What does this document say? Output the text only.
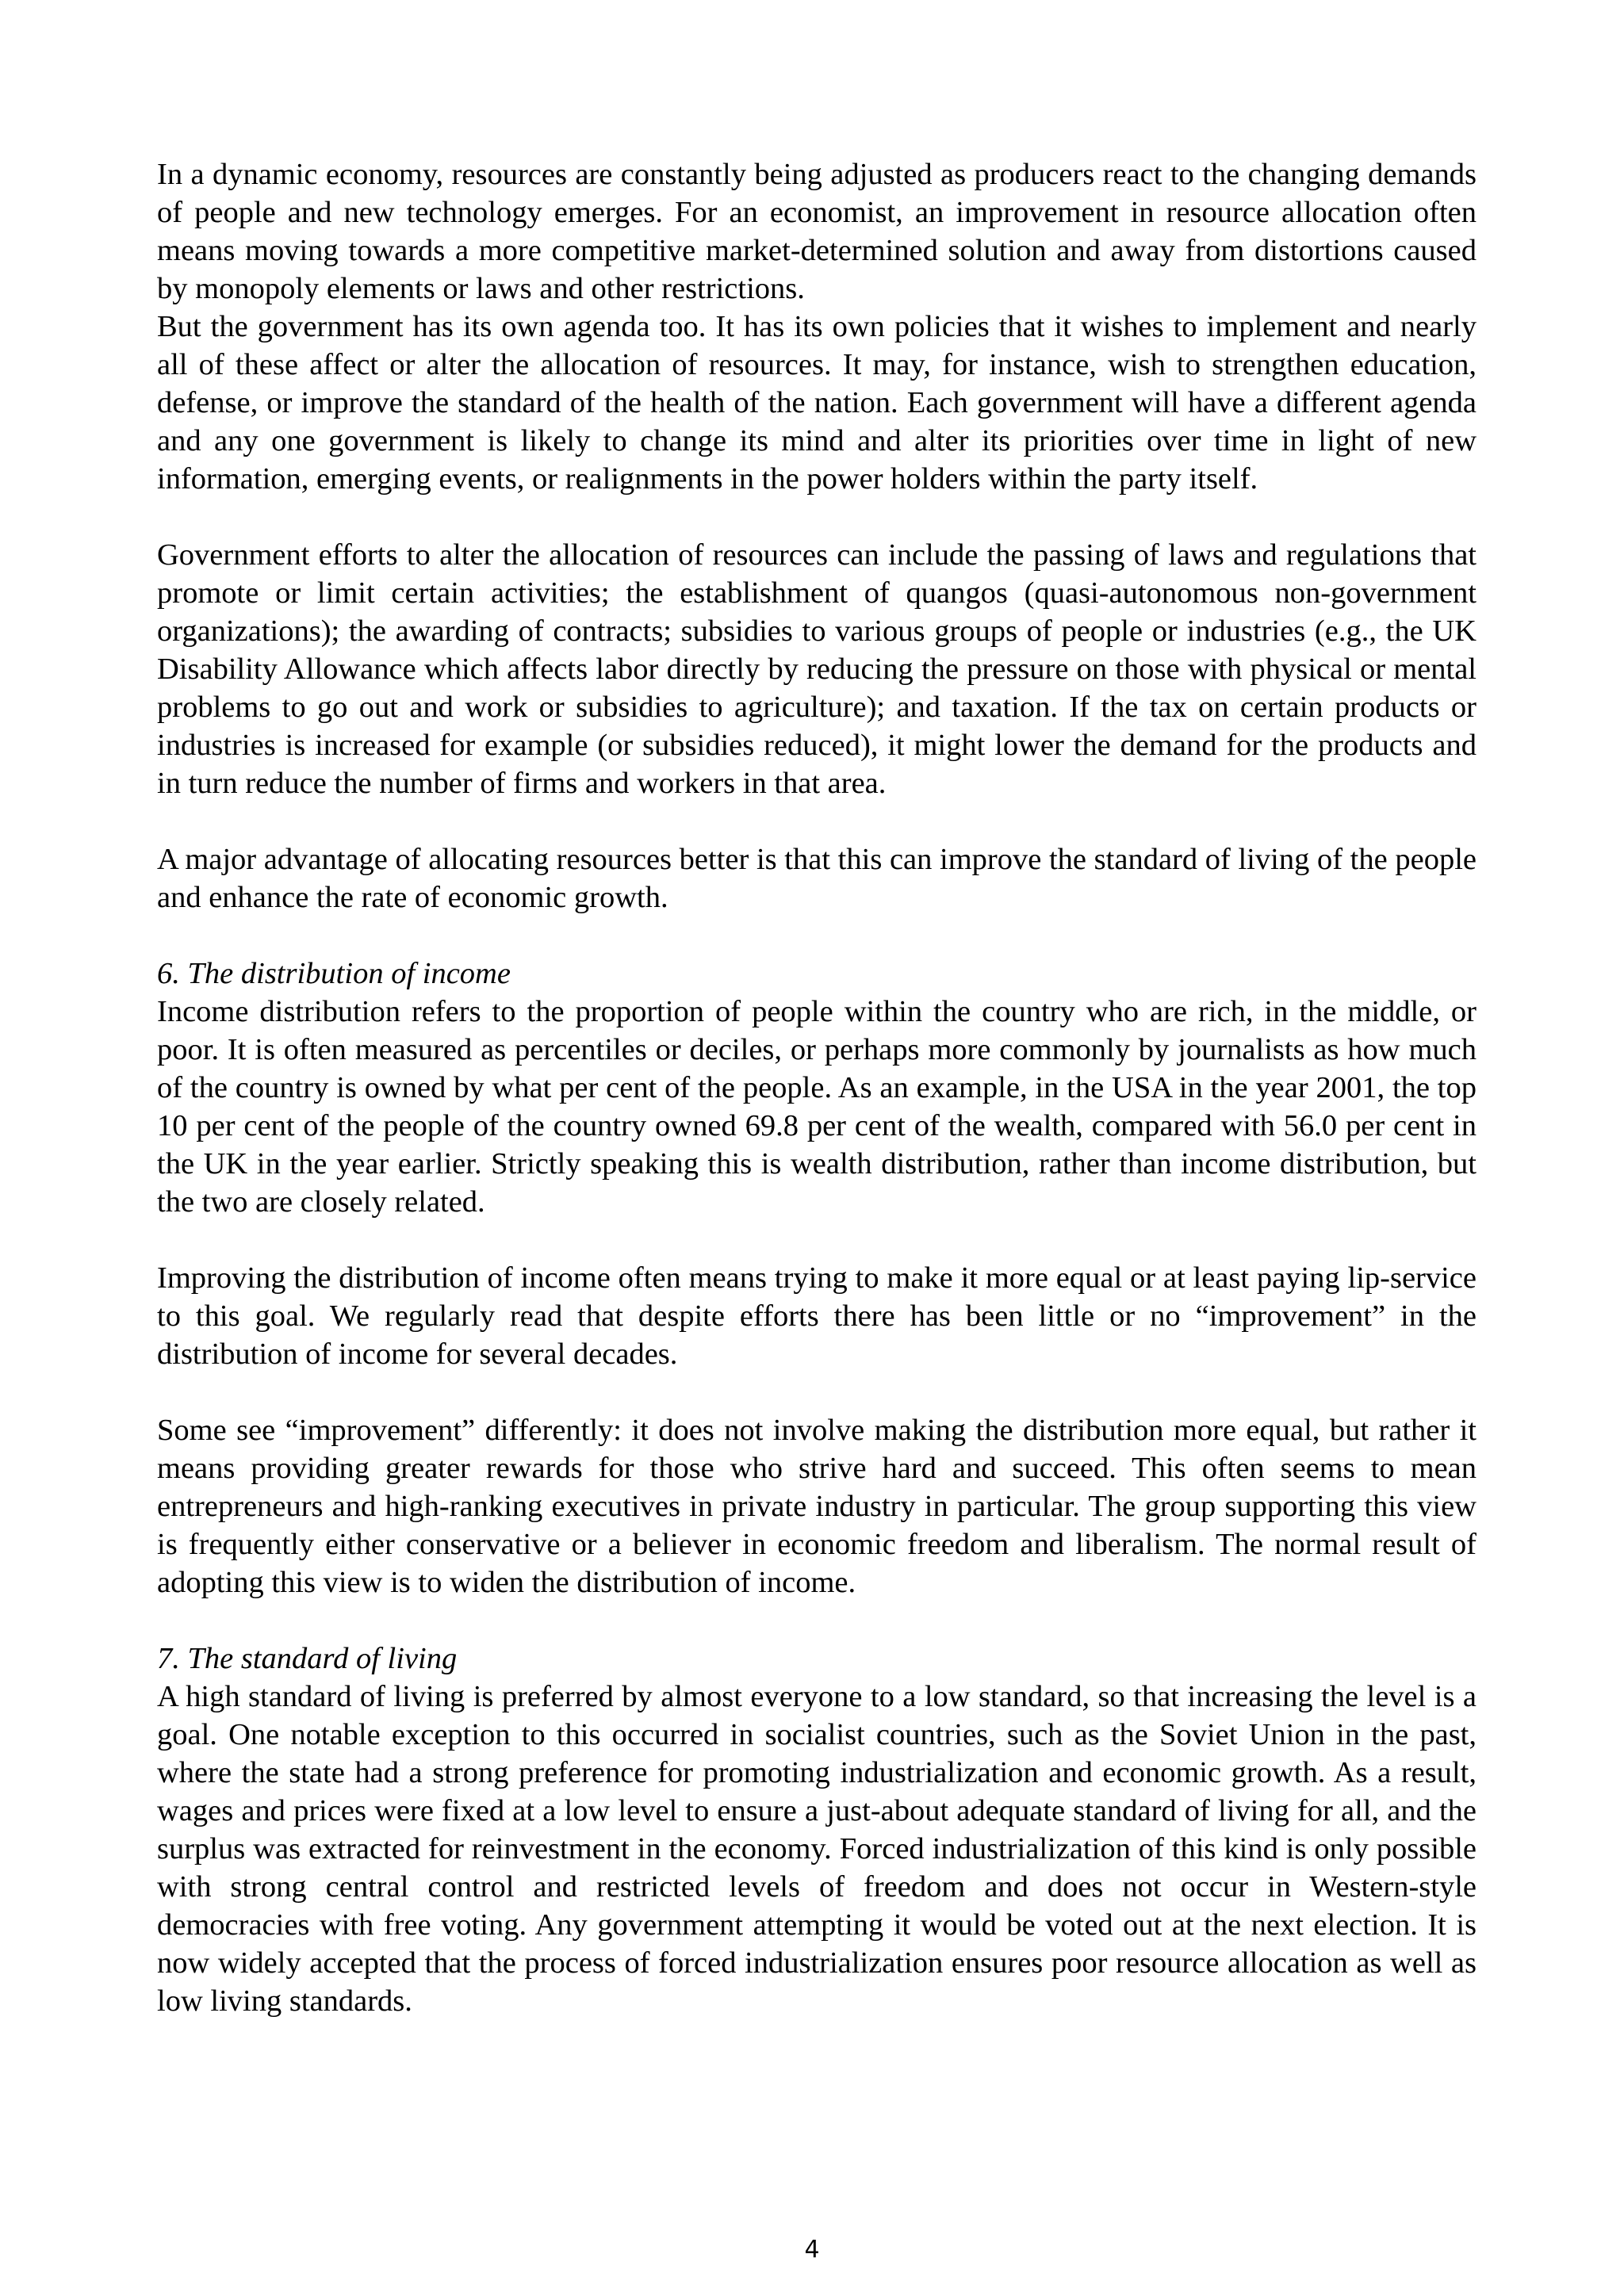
In a dynamic economy, resources are constantly being adjusted as producers react to the changing demands of people and new technology emerges. For an economist, an improvement in resource allocation often means moving towards a more competitive market-determined solution and away from distortions caused by monopoly elements or laws and other restrictions.

But the government has its own agenda too. It has its own policies that it wishes to implement and nearly all of these affect or alter the allocation of resources. It may, for instance, wish to strengthen education, defense, or improve the standard of the health of the nation. Each government will have a different agenda and any one government is likely to change its mind and alter its priorities over time in light of new information, emerging events, or realignments in the power holders within the party itself.

Government efforts to alter the allocation of resources can include the passing of laws and regulations that promote or limit certain activities; the establishment of quangos (quasi-autonomous non-government organizations); the awarding of contracts; subsidies to various groups of people or industries (e.g., the UK Disability Allowance which affects labor directly by reducing the pressure on those with physical or mental problems to go out and work or subsidies to agriculture); and taxation. If the tax on certain products or industries is increased for example (or subsidies reduced), it might lower the demand for the products and in turn reduce the number of firms and workers in that area.

A major advantage of allocating resources better is that this can improve the standard of living of the people and enhance the rate of economic growth.

6. The distribution of income

Income distribution refers to the proportion of people within the country who are rich, in the middle, or poor. It is often measured as percentiles or deciles, or perhaps more commonly by journalists as how much of the country is owned by what per cent of the people. As an example, in the USA in the year 2001, the top 10 per cent of the people of the country owned 69.8 per cent of the wealth, compared with 56.0 per cent in the UK in the year earlier. Strictly speaking this is wealth distribution, rather than income distribution, but the two are closely related.

Improving the distribution of income often means trying to make it more equal or at least paying lip-service to this goal. We regularly read that despite efforts there has been little or no “improvement” in the distribution of income for several decades.

Some see “improvement” differently: it does not involve making the distribution more equal, but rather it means providing greater rewards for those who strive hard and succeed. This often seems to mean entrepreneurs and high-ranking executives in private industry in particular. The group supporting this view is frequently either conservative or a believer in economic freedom and liberalism. The normal result of adopting this view is to widen the distribution of income.

7. The standard of living

A high standard of living is preferred by almost everyone to a low standard, so that increasing the level is a goal. One notable exception to this occurred in socialist countries, such as the Soviet Union in the past, where the state had a strong preference for promoting industrialization and economic growth. As a result, wages and prices were fixed at a low level to ensure a just-about adequate standard of living for all, and the surplus was extracted for reinvestment in the economy. Forced industrialization of this kind is only possible with strong central control and restricted levels of freedom and does not occur in Western-style democracies with free voting. Any government attempting it would be voted out at the next election. It is now widely accepted that the process of forced industrialization ensures poor resource allocation as well as low living standards.

4
